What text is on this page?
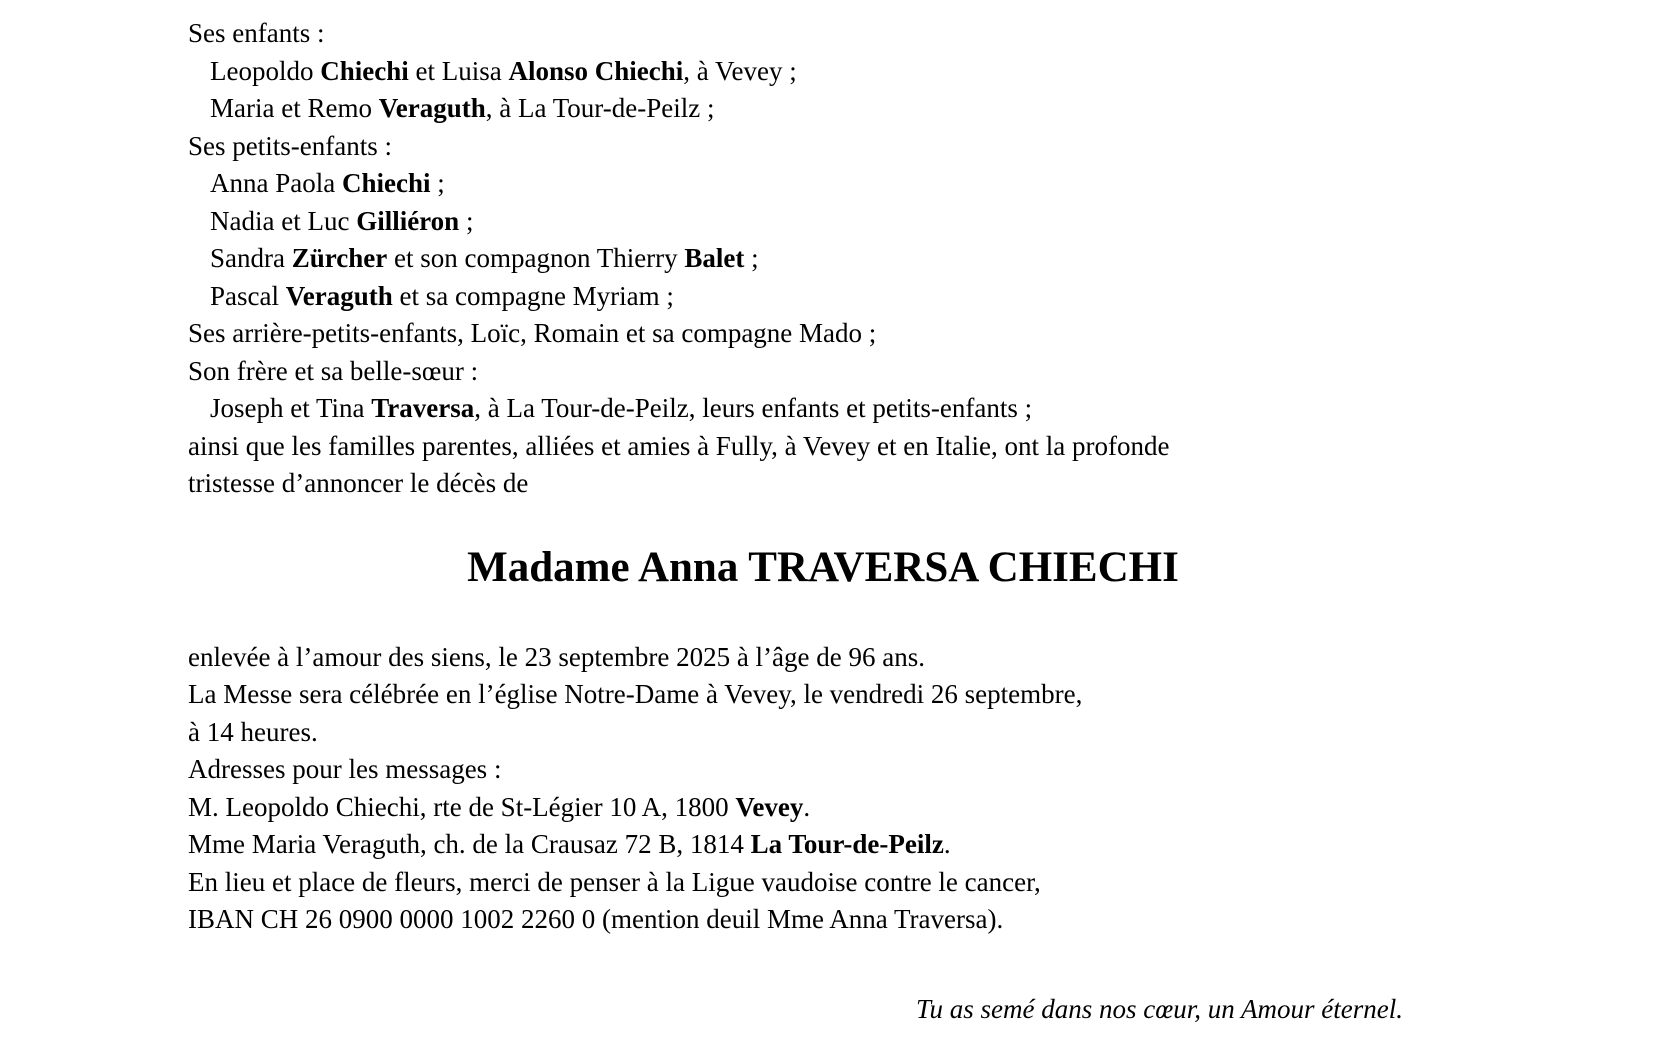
Ses enfants :

Leopoldo Chiechi et Luisa Alonso Chiechi, à Vevey ;

Maria et Remo Veraguth, à La Tour-de-Peilz ;

Ses petits-enfants :

Anna Paola Chiechi ;

Nadia et Luc Gilliéron ;

Sandra Zürcher et son compagnon Thierry Balet ;

Pascal Veraguth et sa compagne Myriam ;

Ses arrière-petits-enfants, Loïc, Romain et sa compagne Mado ;

Son frère et sa belle-sœur :

Joseph et Tina Traversa, à La Tour-de-Peilz, leurs enfants et petits-enfants ;

ainsi que les familles parentes, alliées et amies à Fully, à Vevey et en Italie, ont la profonde

tristesse d’annoncer le décès de

Madame Anna TRAVERSA CHIECHI

enlevée à l’amour des siens, le 23 septembre 2025 à l’âge de 96 ans.

La Messe sera célébrée en l’église Notre-Dame à Vevey, le vendredi 26 septembre,

à 14 heures.

Adresses pour les messages :

M. Leopoldo Chiechi, rte de St-Légier 10 A, 1800 Vevey.

Mme Maria Veraguth, ch. de la Crausaz 72 B, 1814 La Tour-de-Peilz.

En lieu et place de fleurs, merci de penser à la Ligue vaudoise contre le cancer,

IBAN CH 26 0900 0000 1002 2260 0 (mention deuil Mme Anna Traversa).

Tu as semé dans nos cœur, un Amour éternel.
